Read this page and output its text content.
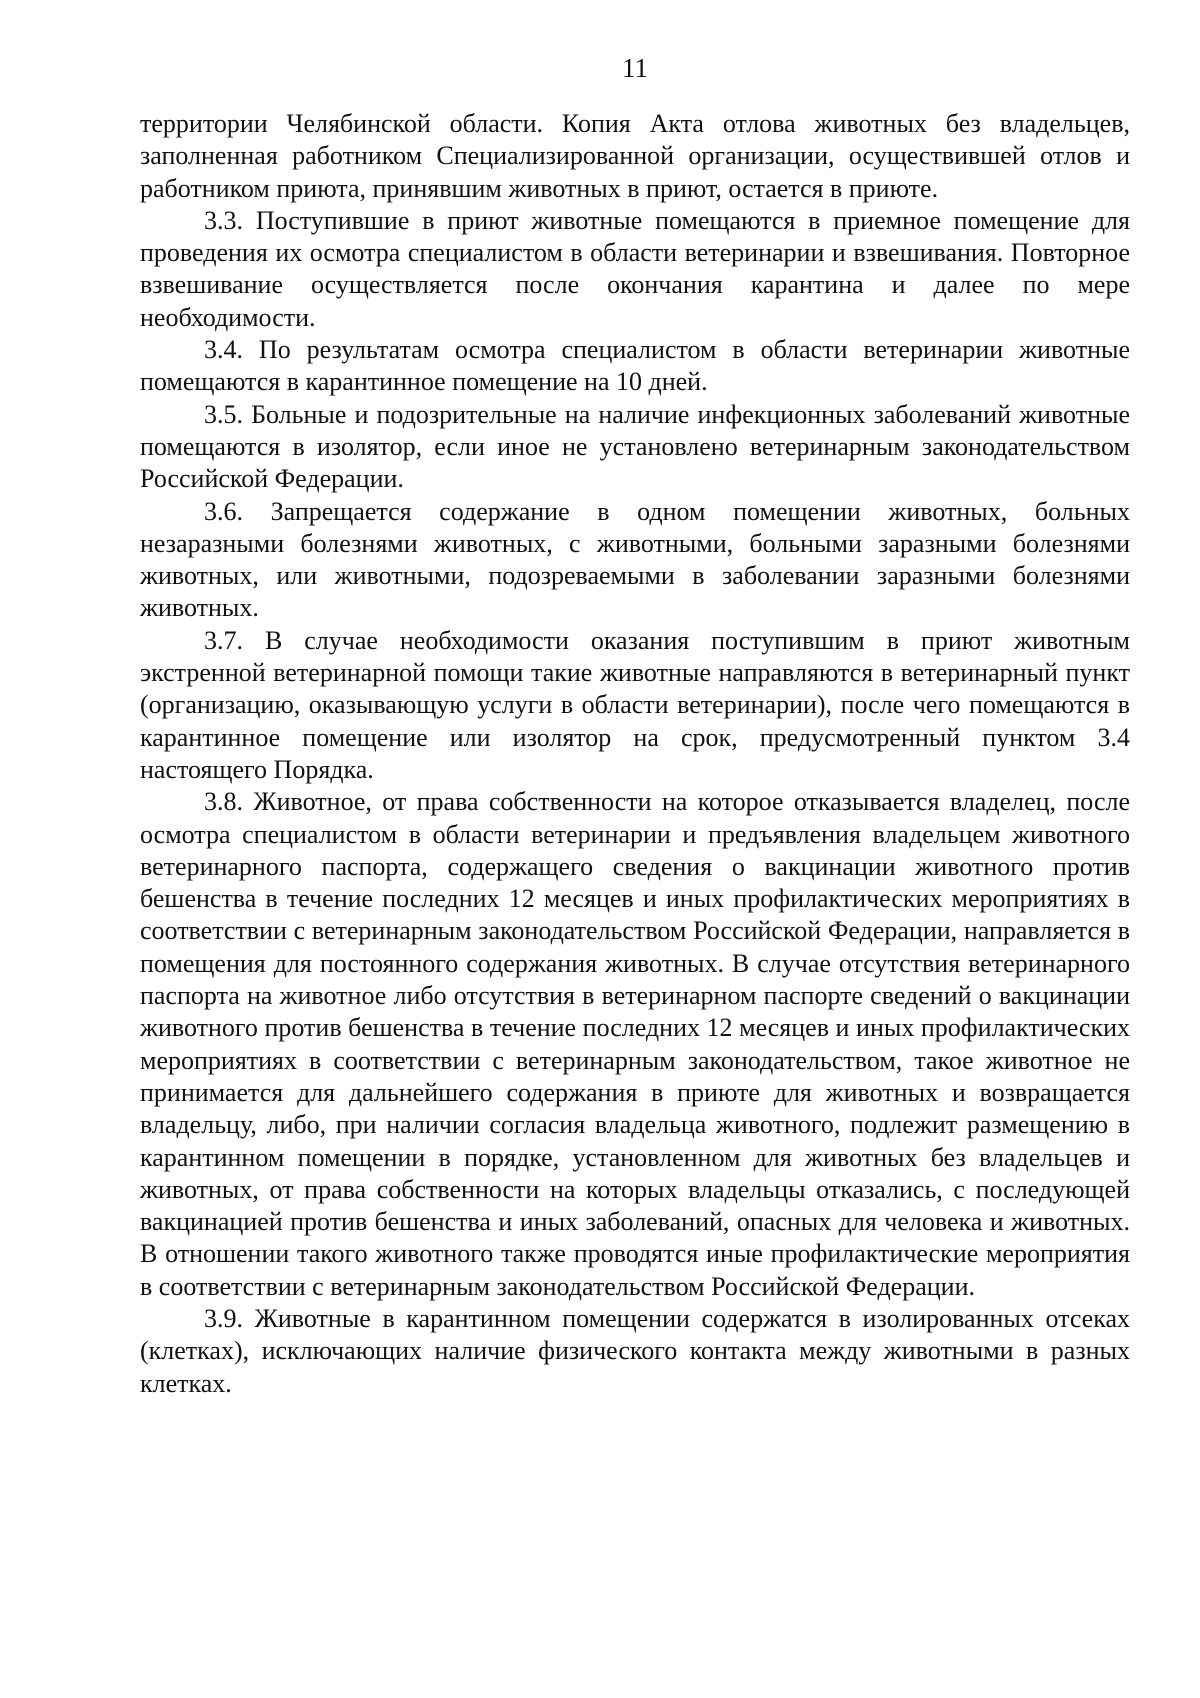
11

территории Челябинской области. Копия Акта отлова животных без владельцев, заполненная работником Специализированной организации, осуществившей отлов и работником приюта, принявшим животных в приют, остается в приюте.

3.3. Поступившие в приют животные помещаются в приемное помещение для проведения их осмотра специалистом в области ветеринарии и взвешивания. Повторное взвешивание осуществляется после окончания карантина и далее по мере необходимости.

3.4. По результатам осмотра специалистом в области ветеринарии животные помещаются в карантинное помещение на 10 дней.

3.5. Больные и подозрительные на наличие инфекционных заболеваний животные помещаются в изолятор, если иное не установлено ветеринарным законодательством Российской Федерации.

3.6. Запрещается содержание в одном помещении животных, больных незаразными болезнями животных, с животными, больными заразными болезнями животных, или животными, подозреваемыми в заболевании заразными болезнями животных.

3.7. В случае необходимости оказания поступившим в приют животным экстренной ветеринарной помощи такие животные направляются в ветеринарный пункт (организацию, оказывающую услуги в области ветеринарии), после чего помещаются в карантинное помещение или изолятор на срок, предусмотренный пунктом 3.4 настоящего Порядка.

3.8. Животное, от права собственности на которое отказывается владелец, после осмотра специалистом в области ветеринарии и предъявления владельцем животного ветеринарного паспорта, содержащего сведения о вакцинации животного против бешенства в течение последних 12 месяцев и иных профилактических мероприятиях в соответствии с ветеринарным законодательством Российской Федерации, направляется в помещения для постоянного содержания животных. В случае отсутствия ветеринарного паспорта на животное либо отсутствия в ветеринарном паспорте сведений о вакцинации животного против бешенства в течение последних 12 месяцев и иных профилактических мероприятиях в соответствии с ветеринарным законодательством, такое животное не принимается для дальнейшего содержания в приюте для животных и возвращается владельцу, либо, при наличии согласия владельца животного, подлежит размещению в карантинном помещении в порядке, установленном для животных без владельцев и животных, от права собственности на которых владельцы отказались, с последующей вакцинацией против бешенства и иных заболеваний, опасных для человека и животных. В отношении такого животного также проводятся иные профилактические мероприятия в соответствии с ветеринарным законодательством Российской Федерации.

3.9. Животные в карантинном помещении содержатся в изолированных отсеках (клетках), исключающих наличие физического контакта между животными в разных клетках.
